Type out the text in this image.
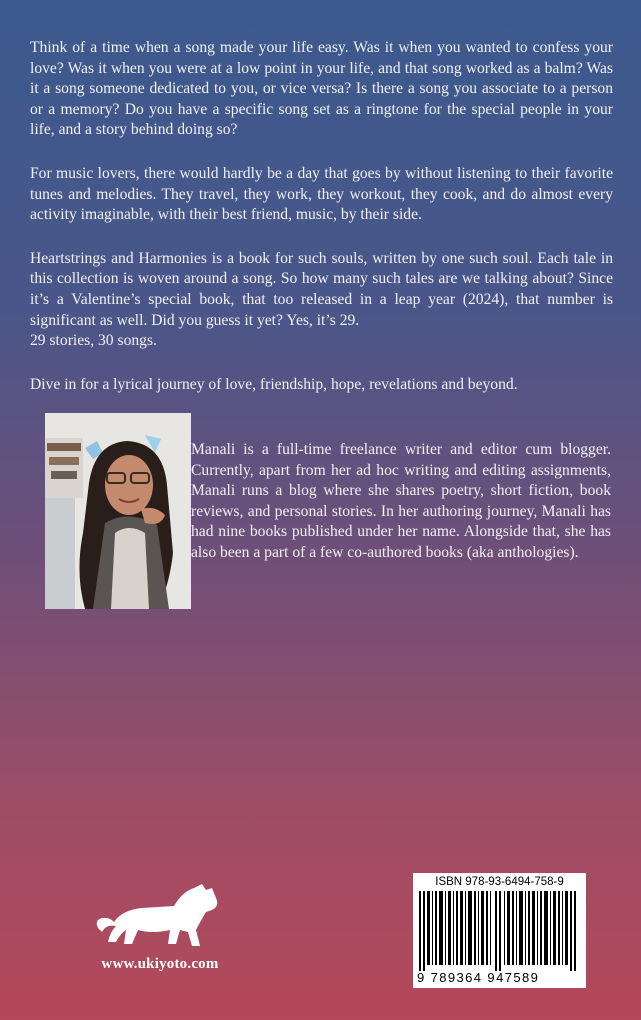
Think of a time when a song made your life easy. Was it when you wanted to confess your love? Was it when you were at a low point in your life, and that song worked as a balm? Was it a song someone dedicated to you, or vice versa? Is there a song you associate to a person or a memory? Do you have a specific song set as a ringtone for the special people in your life, and a story behind doing so?

For music lovers, there would hardly be a day that goes by without listening to their favorite tunes and melodies. They travel, they work, they workout, they cook, and do almost every activity imaginable, with their best friend, music, by their side.

Heartstrings and Harmonies is a book for such souls, written by one such soul. Each tale in this collection is woven around a song. So how many such tales are we talking about? Since it’s a Valentine’s special book, that too released in a leap year (2024), that number is significant as well. Did you guess it yet? Yes, it’s 29.

29 stories, 30 songs.

Dive in for a lyrical journey of love, friendship, hope, revelations and beyond.

Manali is a full-time freelance writer and editor cum blogger. Currently, apart from her ad hoc writing and editing assignments, Manali runs a blog where she shares poetry, short fiction, book reviews, and personal stories. In her authoring journey, Manali has had nine books published under her name. Alongside that, she has also been a part of a few co-authored books (aka anthologies).

www.ukiyoto.com
ISBN 978-93-6494-758-9
9 789364 947589
